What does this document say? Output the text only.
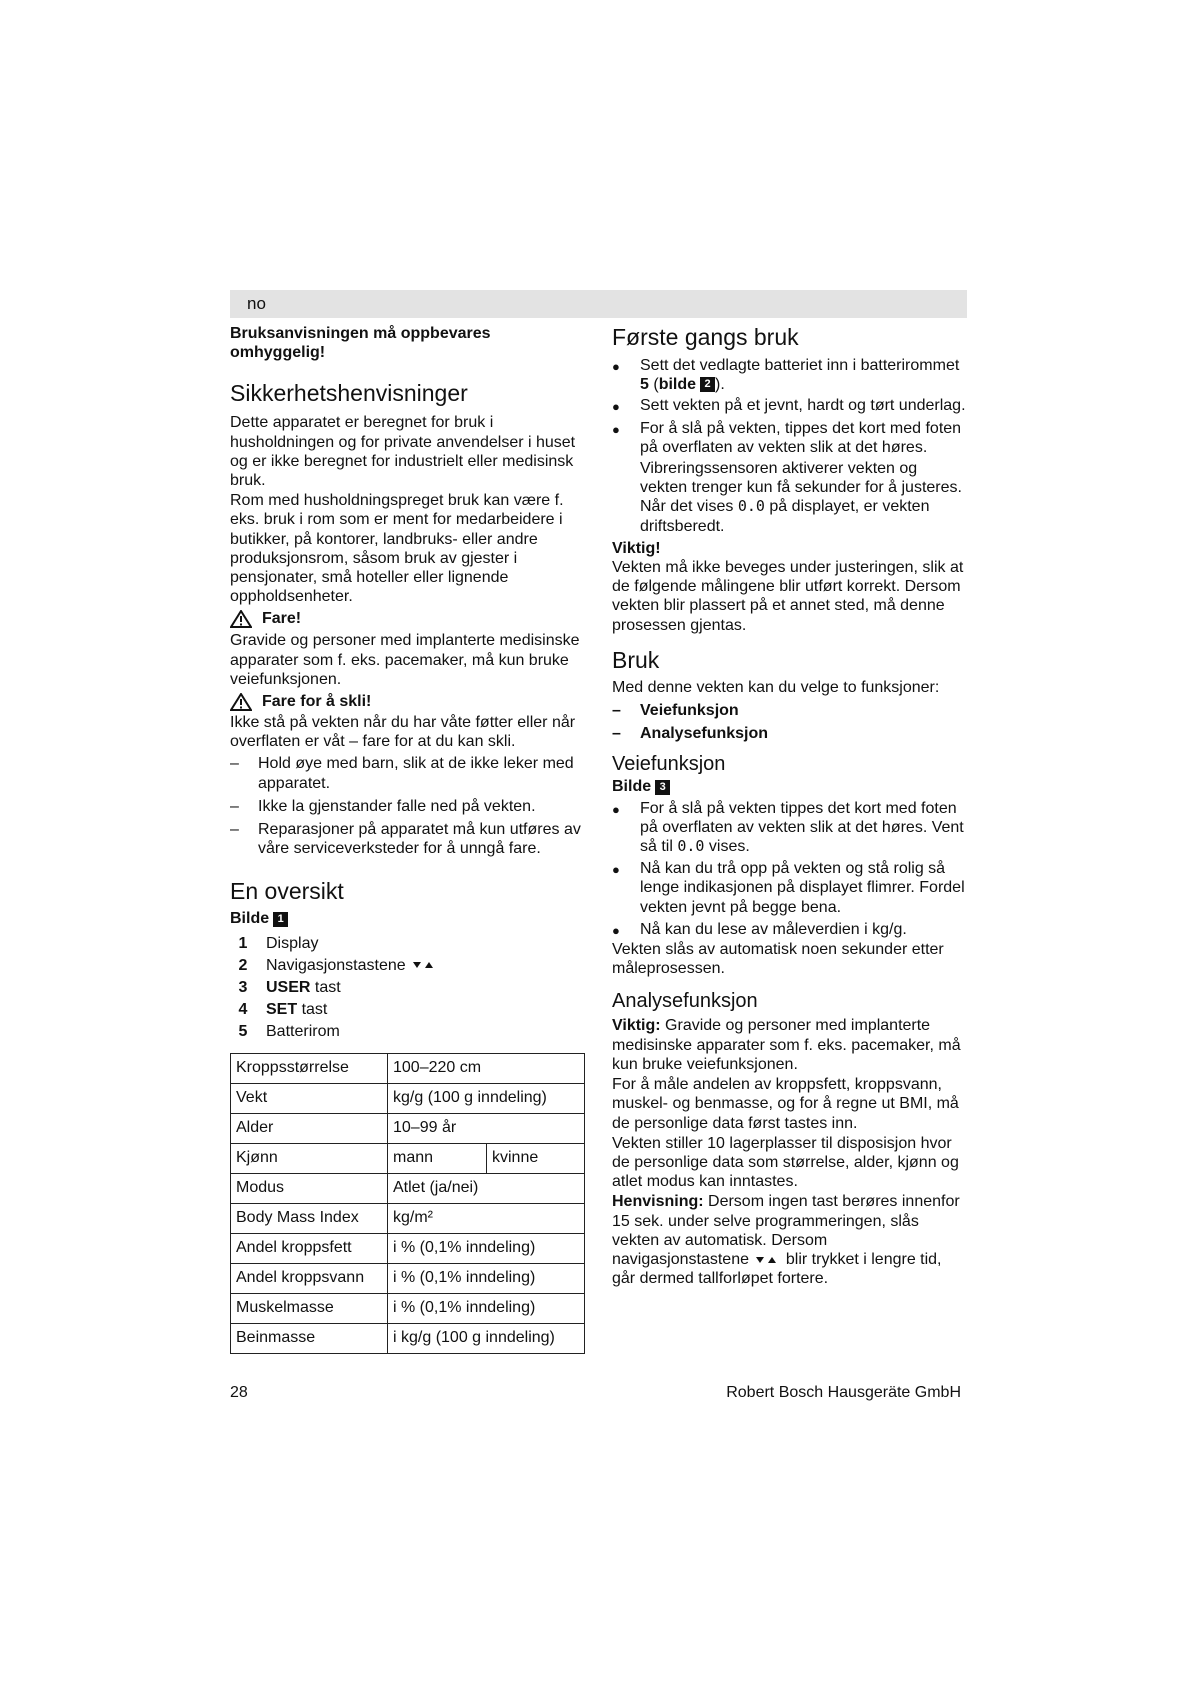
no

Bruksanvisningen må oppbevares omhyggelig!

Sikkerhetshenvisninger

Dette apparatet er beregnet for bruk i husholdningen og for private anvendelser i huset og er ikke beregnet for industrielt eller medisinsk bruk.

Rom med husholdningspreget bruk kan være f. eks. bruk i rom som er ment for medarbeidere i butikker, på kontorer, landbruks- eller andre produksjonsrom, såsom bruk av gjester i pensjonater, små hoteller eller lignende oppholdsenheter.

Fare!

Gravide og personer med implanterte medisinske apparater som f. eks. pacemaker, må kun bruke veiefunksjonen.

Fare for å skli!

Ikke stå på vekten når du har våte føtter eller når overflaten er våt – fare for at du kan skli.

–	Hold øye med barn, slik at de ikke leker med apparatet.
–	Ikke la gjenstander falle ned på vekten.
–	Reparasjoner på apparatet må kun utføres av våre serviceverksteder for å unngå fare.
En oversikt
Bilde 1
1	Display
2	Navigasjonstastene
3	USER tast
4	SET tast
5	Batterirom
Kroppsstørrelse	100–220 cm	
Vekt	kg/g (100 g inndeling)	
Alder	10–99 år	
Kjønn	mann	kvinne
Modus	Atlet (ja/nei)	
Body Mass Index	kg/m²	
Andel kroppsfett	i % (0,1% inndeling)	
Andel kroppsvann	i % (0,1% inndeling)	
Muskelmasse	i % (0,1% inndeling)	
Beinmasse	i kg/g (100 g inndeling)	
Første gangs bruk
●	Sett det vedlagte batteriet inn i batterirommet 5 (bilde 2 ).
●	Sett vekten på et jevnt, hardt og tørt underlag.
●	For å slå på vekten, tippes det kort med foten på overflaten av vekten slik at det høres.
Vibreringssensoren aktiverer vekten og vekten trenger kun få sekunder for å justeres. Når det vises 0.0 på displayet, er vekten driftsberedt.

Viktig!

Vekten må ikke beveges under justeringen, slik at de følgende målingene blir utført korrekt. Dersom vekten blir plassert på et annet sted, må denne prosessen gjentas.

Bruk

Med denne vekten kan du velge to funksjoner:

–	Veiefunksjon
–	Analysefunksjon
Veiefunksjon
Bilde 3
●	For å slå på vekten tippes det kort med foten på overflaten av vekten slik at det høres. Vent så til 0.0 vises.
●	Nå kan du trå opp på vekten og stå rolig så lenge indikasjonen på displayet flimrer. Fordel vekten jevnt på begge bena.
●	Nå kan du lese av måleverdien i kg/g.

Vekten slås av automatisk noen sekunder etter måleprosessen.

Analysefunksjon

Viktig: Gravide og personer med implanterte medisinske apparater som f. eks. pacemaker, må kun bruke veiefunksjonen.

For å måle andelen av kroppsfett, kroppsvann, muskel- og benmasse, og for å regne ut BMI, må de personlige data først tastes inn.

Vekten stiller 10 lagerplasser til disposisjon hvor de personlige data som størrelse, alder, kjønn og atlet modus kan inntastes.

Henvisning: Dersom ingen tast berøres innenfor 15 sek. under selve programmeringen, slås vekten av automatisk. Dersom navigasjonstastene blir trykket i lengre tid, går dermed tallforløpet fortere.

28	Robert Bosch Hausgeräte GmbH
